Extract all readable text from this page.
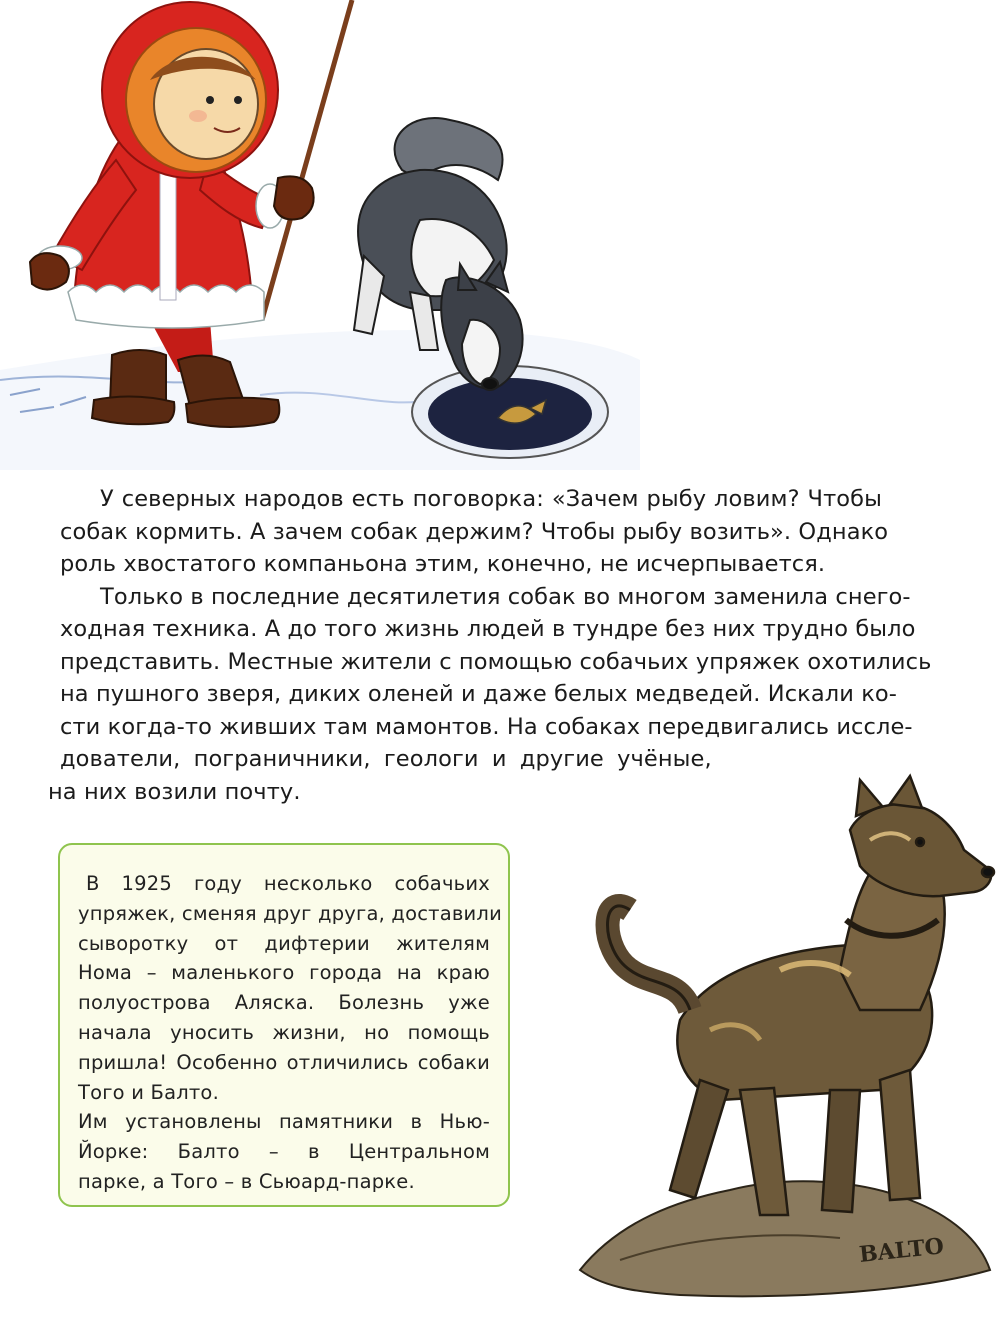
У северных народов есть поговорка: «Зачем рыбу ловим? Чтобы
собак кормить. А зачем собак держим? Чтобы рыбу возить». Однако
роль хвостатого компаньона этим, конечно, не исчерпывается.

Только в последние десятилетия собак во многом заменила снего-
ходная техника. А до того жизнь людей в тундре без них трудно было
представить. Местные жители с помощью собачьих упряжек охотились
на пушного зверя, диких оленей и даже белых медведей. Искали ко-
сти когда-то живших там мамонтов. На собаках передвигались иссле-
дователи, пограничники, геологи и другие учёные,
на них возили почту.

В 1925 году несколько собачьих
упряжек, сменяя друг друга, доставили
сыворотку от дифтерии жителям
Нома – маленького города на краю
полуострова Аляска. Болезнь уже
начала уносить жизни, но помощь
пришла! Особенно отличились собаки
Того и Балто.
Им установлены памятники в Нью-
Йорке: Балто – в Центральном
парке, а Того – в Сьюард-парке.
BALTO
